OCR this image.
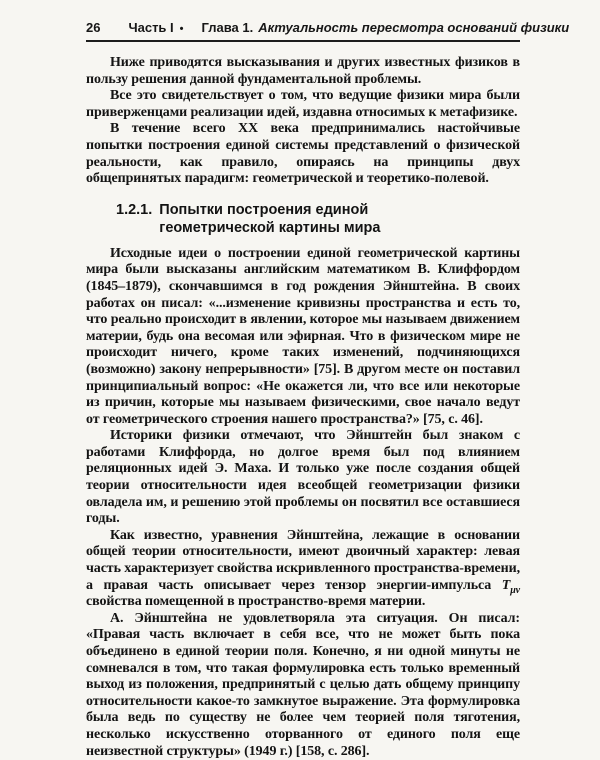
26 Часть I • Глава 1. Актуальность пересмотра оснований физики

Ниже приводятся высказывания и других известных физиков в пользу решения данной фундаментальной проблемы.

Все это свидетельствует о том, что ведущие физики мира были приверженцами реализации идей, издавна относимых к метафизике.

В течение всего XX века предпринимались настойчивые попытки построения единой системы представлений о физической реальности, как правило, опираясь на принципы двух общепринятых парадигм: геометрической и теоретико-полевой.

1.2.1. Попытки построения единой
геометрической картины мира

Исходные идеи о построении единой геометрической картины мира были высказаны английским математиком В. Клиффордом (1845–1879), скончавшимся в год рождения Эйнштейна. В своих работах он писал: «...изменение кривизны пространства и есть то, что реально происходит в явлении, которое мы называем движением материи, будь она весомая или эфирная. Что в физическом мире не происходит ничего, кроме таких изменений, подчиняющихся (возможно) закону непрерывности» [75]. В другом месте он поставил принципиальный вопрос: «Не окажется ли, что все или некоторые из причин, которые мы называем физическими, свое начало ведут от геометрического строения нашего пространства?» [75, с. 46].

Историки физики отмечают, что Эйнштейн был знаком с работами Клиффорда, но долгое время был под влиянием реляционных идей Э. Маха. И только уже после создания общей теории относительности идея всеобщей геометризации физики овладела им, и решению этой проблемы он посвятил все оставшиеся годы.

Как известно, уравнения Эйнштейна, лежащие в основании общей теории относительности, имеют двоичный характер: левая часть характеризует свойства искривленного пространства-времени, а правая часть описывает через тензор энергии-импульса $T_{\mu\nu}$ свойства помещенной в пространство-время материи.

А. Эйнштейна не удовлетворяла эта ситуация. Он писал: «Правая часть включает в себя все, что не может быть пока объединено в единой теории поля. Конечно, я ни одной минуты не сомневался в том, что такая формулировка есть только временный выход из положения, предпринятый с целью дать общему принципу относительности какое-то замкнутое выражение. Эта формулировка была ведь по существу не более чем теорией поля тяготения, несколько искусственно оторванного от единого поля еще неизвестной структуры» (1949 г.) [158, с. 286].
